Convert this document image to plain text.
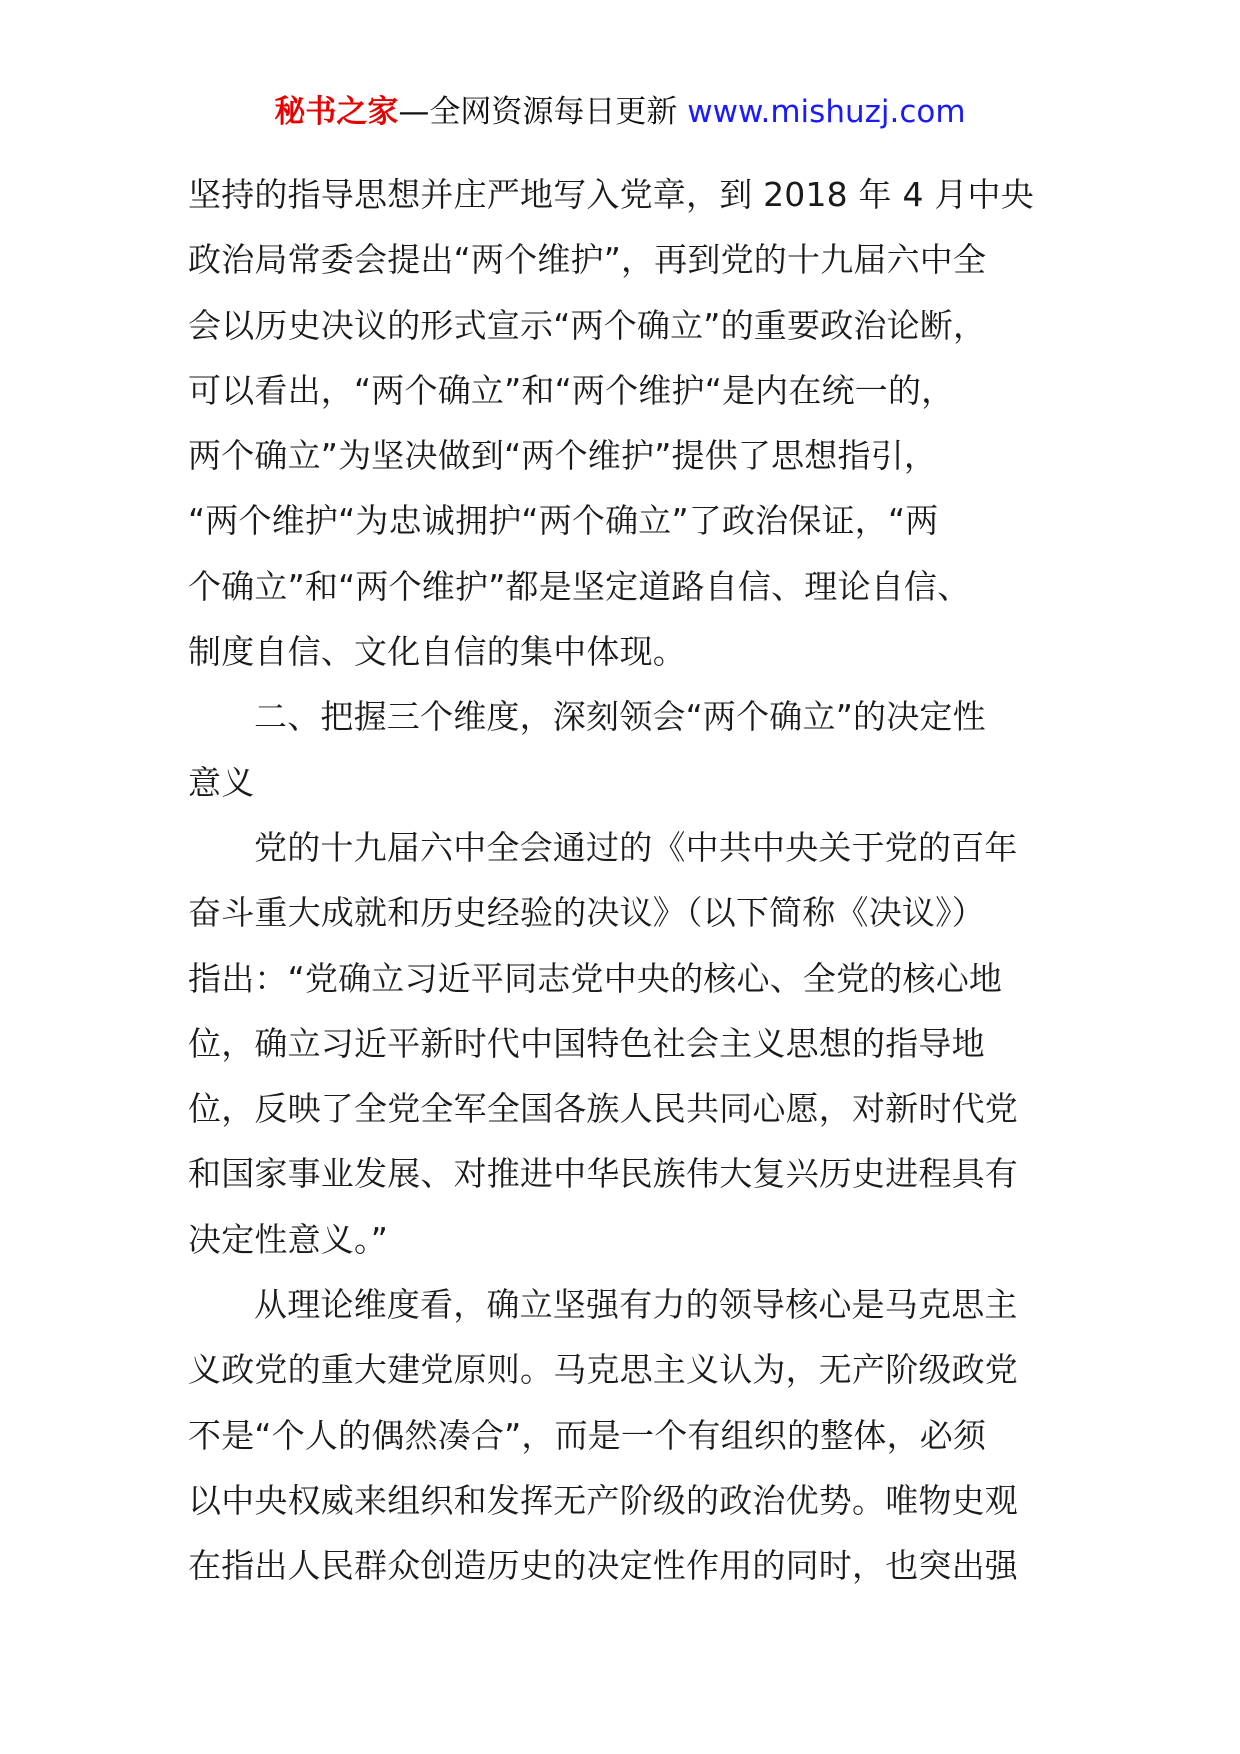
秘书之家—全网资源每日更新 www.mishuzj.com
坚持的指导思想并庄严地写入党章，到 2018 年 4 月中央
政治局常委会提出“两个维护”，再到党的十九届六中全
会以历史决议的形式宣示“两个确立”的重要政治论断，
可以看出，“两个确立”和“两个维护“是内在统一的，
两个确立”为坚决做到“两个维护”提供了思想指引，
“两个维护“为忠诚拥护“两个确立”了政治保证，“两
个确立”和“两个维护”都是坚定道路自信、理论自信、
制度自信、文化自信的集中体现。
二、把握三个维度，深刻领会“两个确立”的决定性
意义
党的十九届六中全会通过的《中共中央关于党的百年
奋斗重大成就和历史经验的决议》（以下简称《决议》）
指出：“党确立习近平同志党中央的核心、全党的核心地
位，确立习近平新时代中国特色社会主义思想的指导地
位，反映了全党全军全国各族人民共同心愿，对新时代党
和国家事业发展、对推进中华民族伟大复兴历史进程具有
决定性意义。”
从理论维度看，确立坚强有力的领导核心是马克思主
义政党的重大建党原则。马克思主义认为，无产阶级政党
不是“个人的偶然凑合”，而是一个有组织的整体，必须
以中央权威来组织和发挥无产阶级的政治优势。唯物史观
在指出人民群众创造历史的决定性作用的同时，也突出强
